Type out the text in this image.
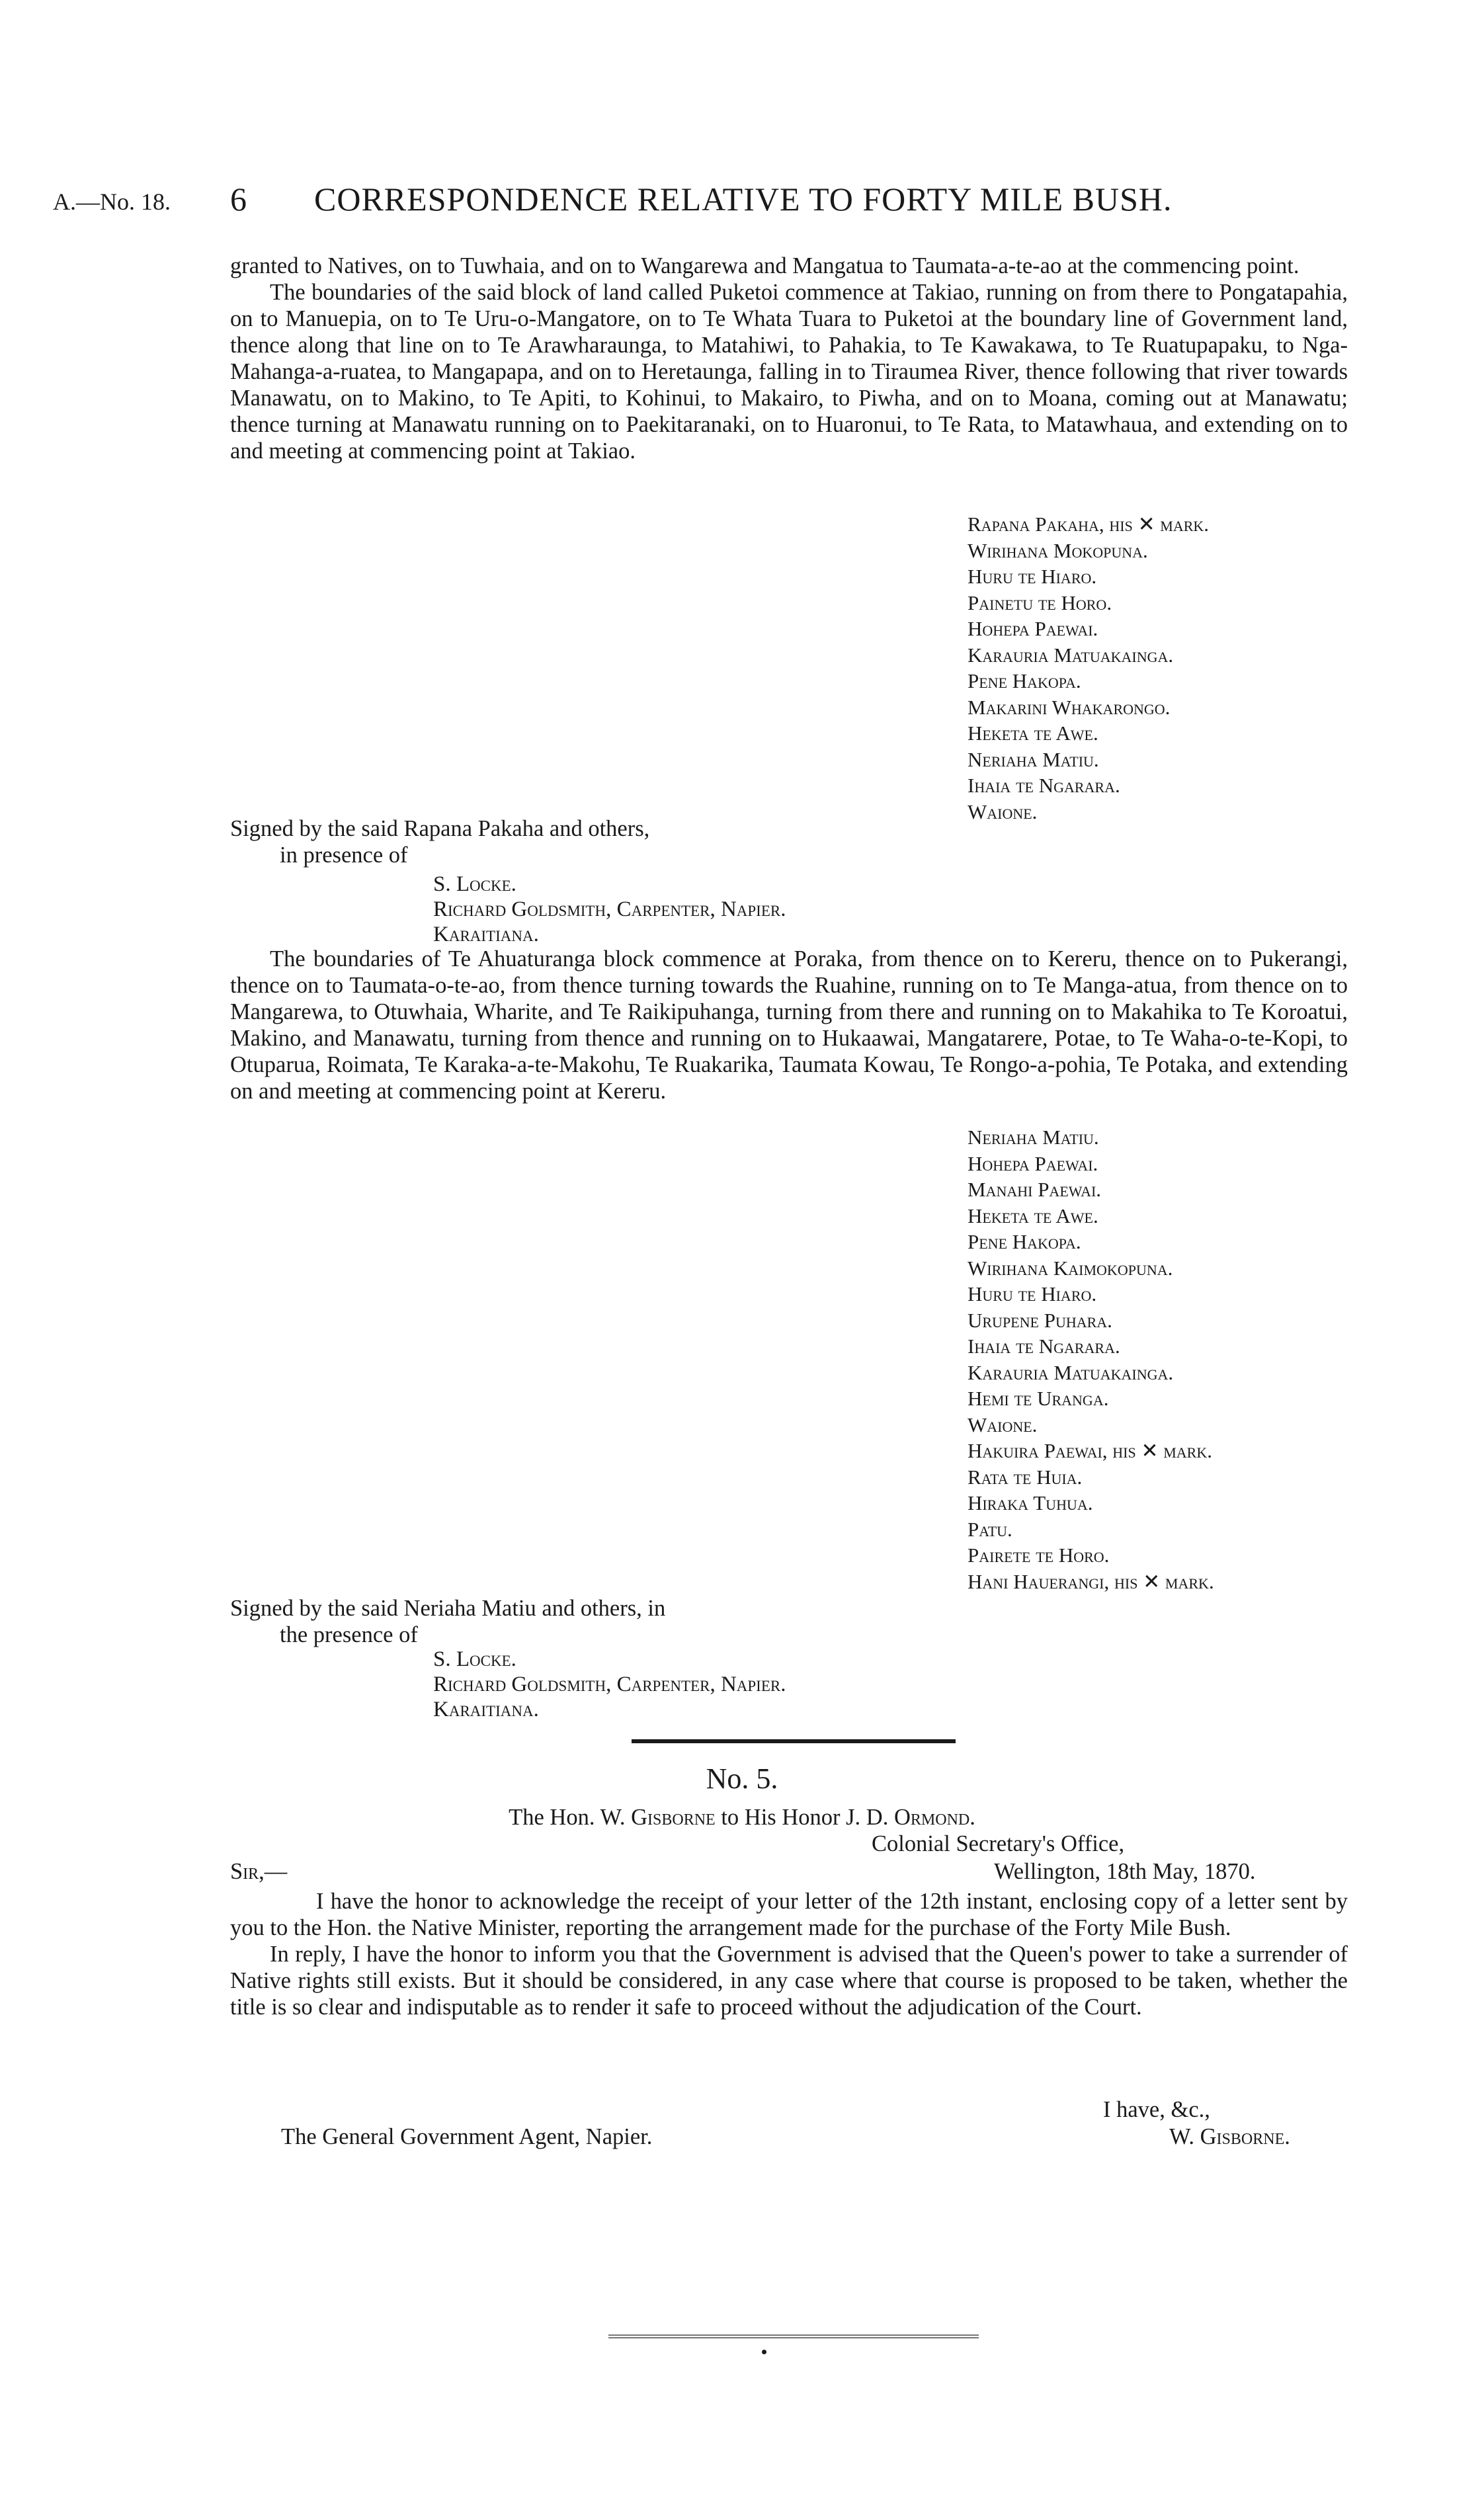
A.—No. 18. 6 CORRESPONDENCE RELATIVE TO FORTY MILE BUSH.

granted to Natives, on to Tuwhaia, and on to Wangarewa and Mangatua to Taumata-a-te-ao at the commencing point.

The boundaries of the said block of land called Puketoi commence at Takiao, running on from there to Pongatapahia, on to Manuepia, on to Te Uru-o-Mangatore, on to Te Whata Tuara to Puketoi at the boundary line of Government land, thence along that line on to Te Arawharaunga, to Matahiwi, to Pahakia, to Te Kawakawa, to Te Ruatupapaku, to Nga-Mahanga-a-ruatea, to Mangapapa, and on to Heretaunga, falling in to Tiraumea River, thence following that river towards Manawatu, on to Makino, to Te Apiti, to Kohinui, to Makairo, to Piwha, and on to Moana, coming out at Manawatu; thence turning at Manawatu running on to Paekitaranaki, on to Huaronui, to Te Rata, to Matawhaua, and extending on to and meeting at commencing point at Takiao.

Rapana Pakaha, his ✕ mark.
Wirihana Mokopuna.
Huru te Hiaro.
Painetu te Horo.
Hohepa Paewai.
Karauria Matuakainga.
Pene Hakopa.
Makarini Whakarongo.
Heketa te Awe.
Neriaha Matiu.
Ihaia te Ngarara.
Waione.
Signed by the said Rapana Pakaha and others,
in presence of
S. Locke.
Richard Goldsmith, Carpenter, Napier.
Karaitiana.

The boundaries of Te Ahuaturanga block commence at Poraka, from thence on to Kereru, thence on to Pukerangi, thence on to Taumata-o-te-ao, from thence turning towards the Ruahine, running on to Te Manga-atua, from thence on to Mangarewa, to Otuwhaia, Wharite, and Te Raikipuhanga, turning from there and running on to Makahika to Te Koroatui, Makino, and Manawatu, turning from thence and running on to Hukaawai, Mangatarere, Potae, to Te Waha-o-te-Kopi, to Otuparua, Roimata, Te Karaka-a-te-Makohu, Te Ruakarika, Taumata Kowau, Te Rongo-a-pohia, Te Potaka, and extending on and meeting at commencing point at Kereru.

Neriaha Matiu.
Hohepa Paewai.
Manahi Paewai.
Heketa te Awe.
Pene Hakopa.
Wirihana Kaimokopuna.
Huru te Hiaro.
Urupene Puhara.
Ihaia te Ngarara.
Karauria Matuakainga.
Hemi te Uranga.
Waione.
Hakuira Paewai, his ✕ mark.
Rata te Huia.
Hiraka Tuhua.
Patu.
Pairete te Horo.
Hani Hauerangi, his ✕ mark.
Signed by the said Neriaha Matiu and others, in
the presence of
S. Locke.
Richard Goldsmith, Carpenter, Napier.
Karaitiana.
No. 5.
The Hon. W. Gisborne to His Honor J. D. Ormond.
Colonial Secretary's Office,
Sir,—	Wellington, 18th May, 1870.

I have the honor to acknowledge the receipt of your letter of the 12th instant, enclosing copy of a letter sent by you to the Hon. the Native Minister, reporting the arrangement made for the purchase of the Forty Mile Bush.

In reply, I have the honor to inform you that the Government is advised that the Queen's power to take a surrender of Native rights still exists. But it should be considered, in any case where that course is proposed to be taken, whether the title is so clear and indisputable as to render it safe to proceed without the adjudication of the Court.

I have, &c.,
The General Government Agent, Napier.	W. Gisborne.
